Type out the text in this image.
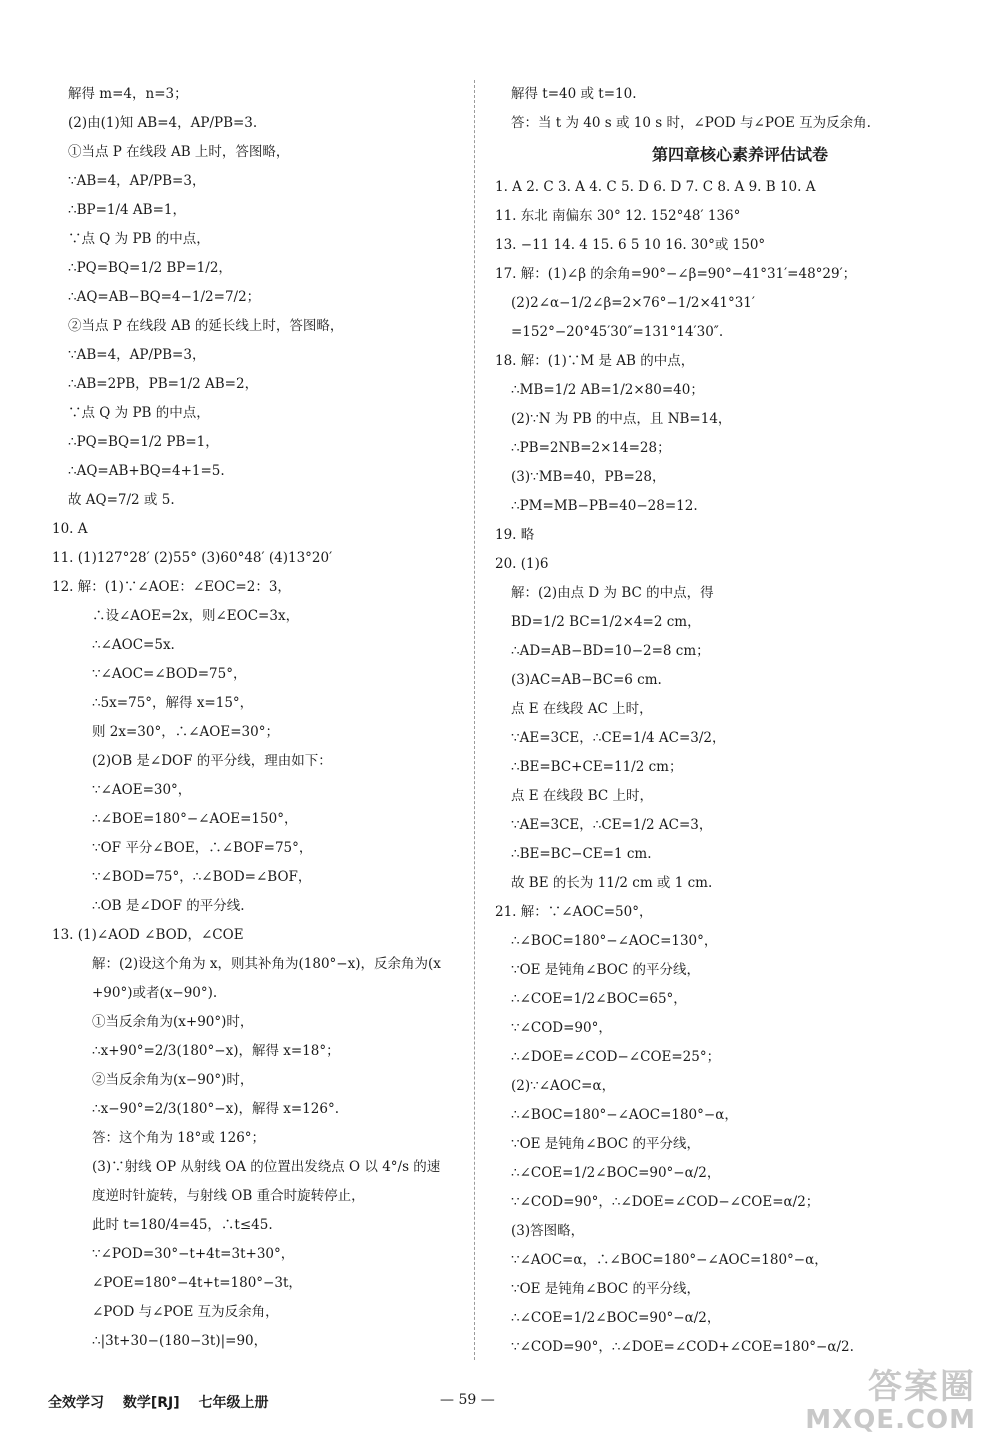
解得 m=4，n=3；
(2)由(1)知 AB=4，AP/PB=3.
①当点 P 在线段 AB 上时，答图略，
∵AB=4，AP/PB=3，
∴BP=1/4 AB=1，
∵点 Q 为 PB 的中点，
∴PQ=BQ=1/2 BP=1/2，
∴AQ=AB−BQ=4−1/2=7/2；
②当点 P 在线段 AB 的延长线上时，答图略，
∵AB=4，AP/PB=3，
∴AB=2PB，PB=1/2 AB=2，
∵点 Q 为 PB 的中点，
∴PQ=BQ=1/2 PB=1，
∴AQ=AB+BQ=4+1=5.
故 AQ=7/2 或 5.
10. A
11. (1)127°28′ (2)55° (3)60°48′ (4)13°20′
12. 解：(1)∵∠AOE：∠EOC=2：3，
∴设∠AOE=2x，则∠EOC=3x，
∴∠AOC=5x.
∵∠AOC=∠BOD=75°，
∴5x=75°，解得 x=15°，
则 2x=30°，∴∠AOE=30°；
(2)OB 是∠DOF 的平分线，理由如下：
∵∠AOE=30°，
∴∠BOE=180°−∠AOE=150°，
∵OF 平分∠BOE，∴∠BOF=75°，
∵∠BOD=75°，∴∠BOD=∠BOF，
∴OB 是∠DOF 的平分线.
13. (1)∠AOD ∠BOD，∠COE
解：(2)设这个角为 x，则其补角为(180°−x)，反余角为(x
+90°)或者(x−90°).
①当反余角为(x+90°)时，
∴x+90°=2/3(180°−x)，解得 x=18°；
②当反余角为(x−90°)时，
∴x−90°=2/3(180°−x)，解得 x=126°.
答：这个角为 18°或 126°；
(3)∵射线 OP 从射线 OA 的位置出发绕点 O 以 4°/s 的速
度逆时针旋转，与射线 OB 重合时旋转停止，
此时 t=180/4=45，∴t≤45.
∵∠POD=30°−t+4t=3t+30°，
∠POE=180°−4t+t=180°−3t，
∠POD 与∠POE 互为反余角，
∴|3t+30−(180−3t)|=90，
解得 t=40 或 t=10.
答：当 t 为 40 s 或 10 s 时，∠POD 与∠POE 互为反余角.
第四章核心素养评估试卷
1. A 2. C 3. A 4. C 5. D 6. D 7. C 8. A 9. B 10. A
11. 东北 南偏东 30° 12. 152°48′ 136°
13. −11 14. 4 15. 6 5 10 16. 30°或 150°
17. 解：(1)∠β 的余角=90°−∠β=90°−41°31′=48°29′；
(2)2∠α−1/2∠β=2×76°−1/2×41°31′
=152°−20°45′30″=131°14′30″.
18. 解：(1)∵M 是 AB 的中点，
∴MB=1/2 AB=1/2×80=40；
(2)∵N 为 PB 的中点，且 NB=14，
∴PB=2NB=2×14=28；
(3)∵MB=40，PB=28，
∴PM=MB−PB=40−28=12.
19. 略
20. (1)6
解：(2)由点 D 为 BC 的中点，得
BD=1/2 BC=1/2×4=2 cm，
∴AD=AB−BD=10−2=8 cm；
(3)AC=AB−BC=6 cm.
点 E 在线段 AC 上时，
∵AE=3CE，∴CE=1/4 AC=3/2，
∴BE=BC+CE=11/2 cm；
点 E 在线段 BC 上时，
∵AE=3CE，∴CE=1/2 AC=3，
∴BE=BC−CE=1 cm.
故 BE 的长为 11/2 cm 或 1 cm.
21. 解：∵∠AOC=50°，
∴∠BOC=180°−∠AOC=130°，
∵OE 是钝角∠BOC 的平分线，
∴∠COE=1/2∠BOC=65°，
∵∠COD=90°，
∴∠DOE=∠COD−∠COE=25°；
(2)∵∠AOC=α，
∴∠BOC=180°−∠AOC=180°−α，
∵OE 是钝角∠BOC 的平分线，
∴∠COE=1/2∠BOC=90°−α/2，
∵∠COD=90°，∴∠DOE=∠COD−∠COE=α/2；
(3)答图略，
∵∠AOC=α，∴∠BOC=180°−∠AOC=180°−α，
∵OE 是钝角∠BOC 的平分线，
∴∠COE=1/2∠BOC=90°−α/2，
∵∠COD=90°，∴∠DOE=∠COD+∠COE=180°−α/2.
全效学习 数学[RJ] 七年级上册	— 59 —	答案圈
MXQE.COM
